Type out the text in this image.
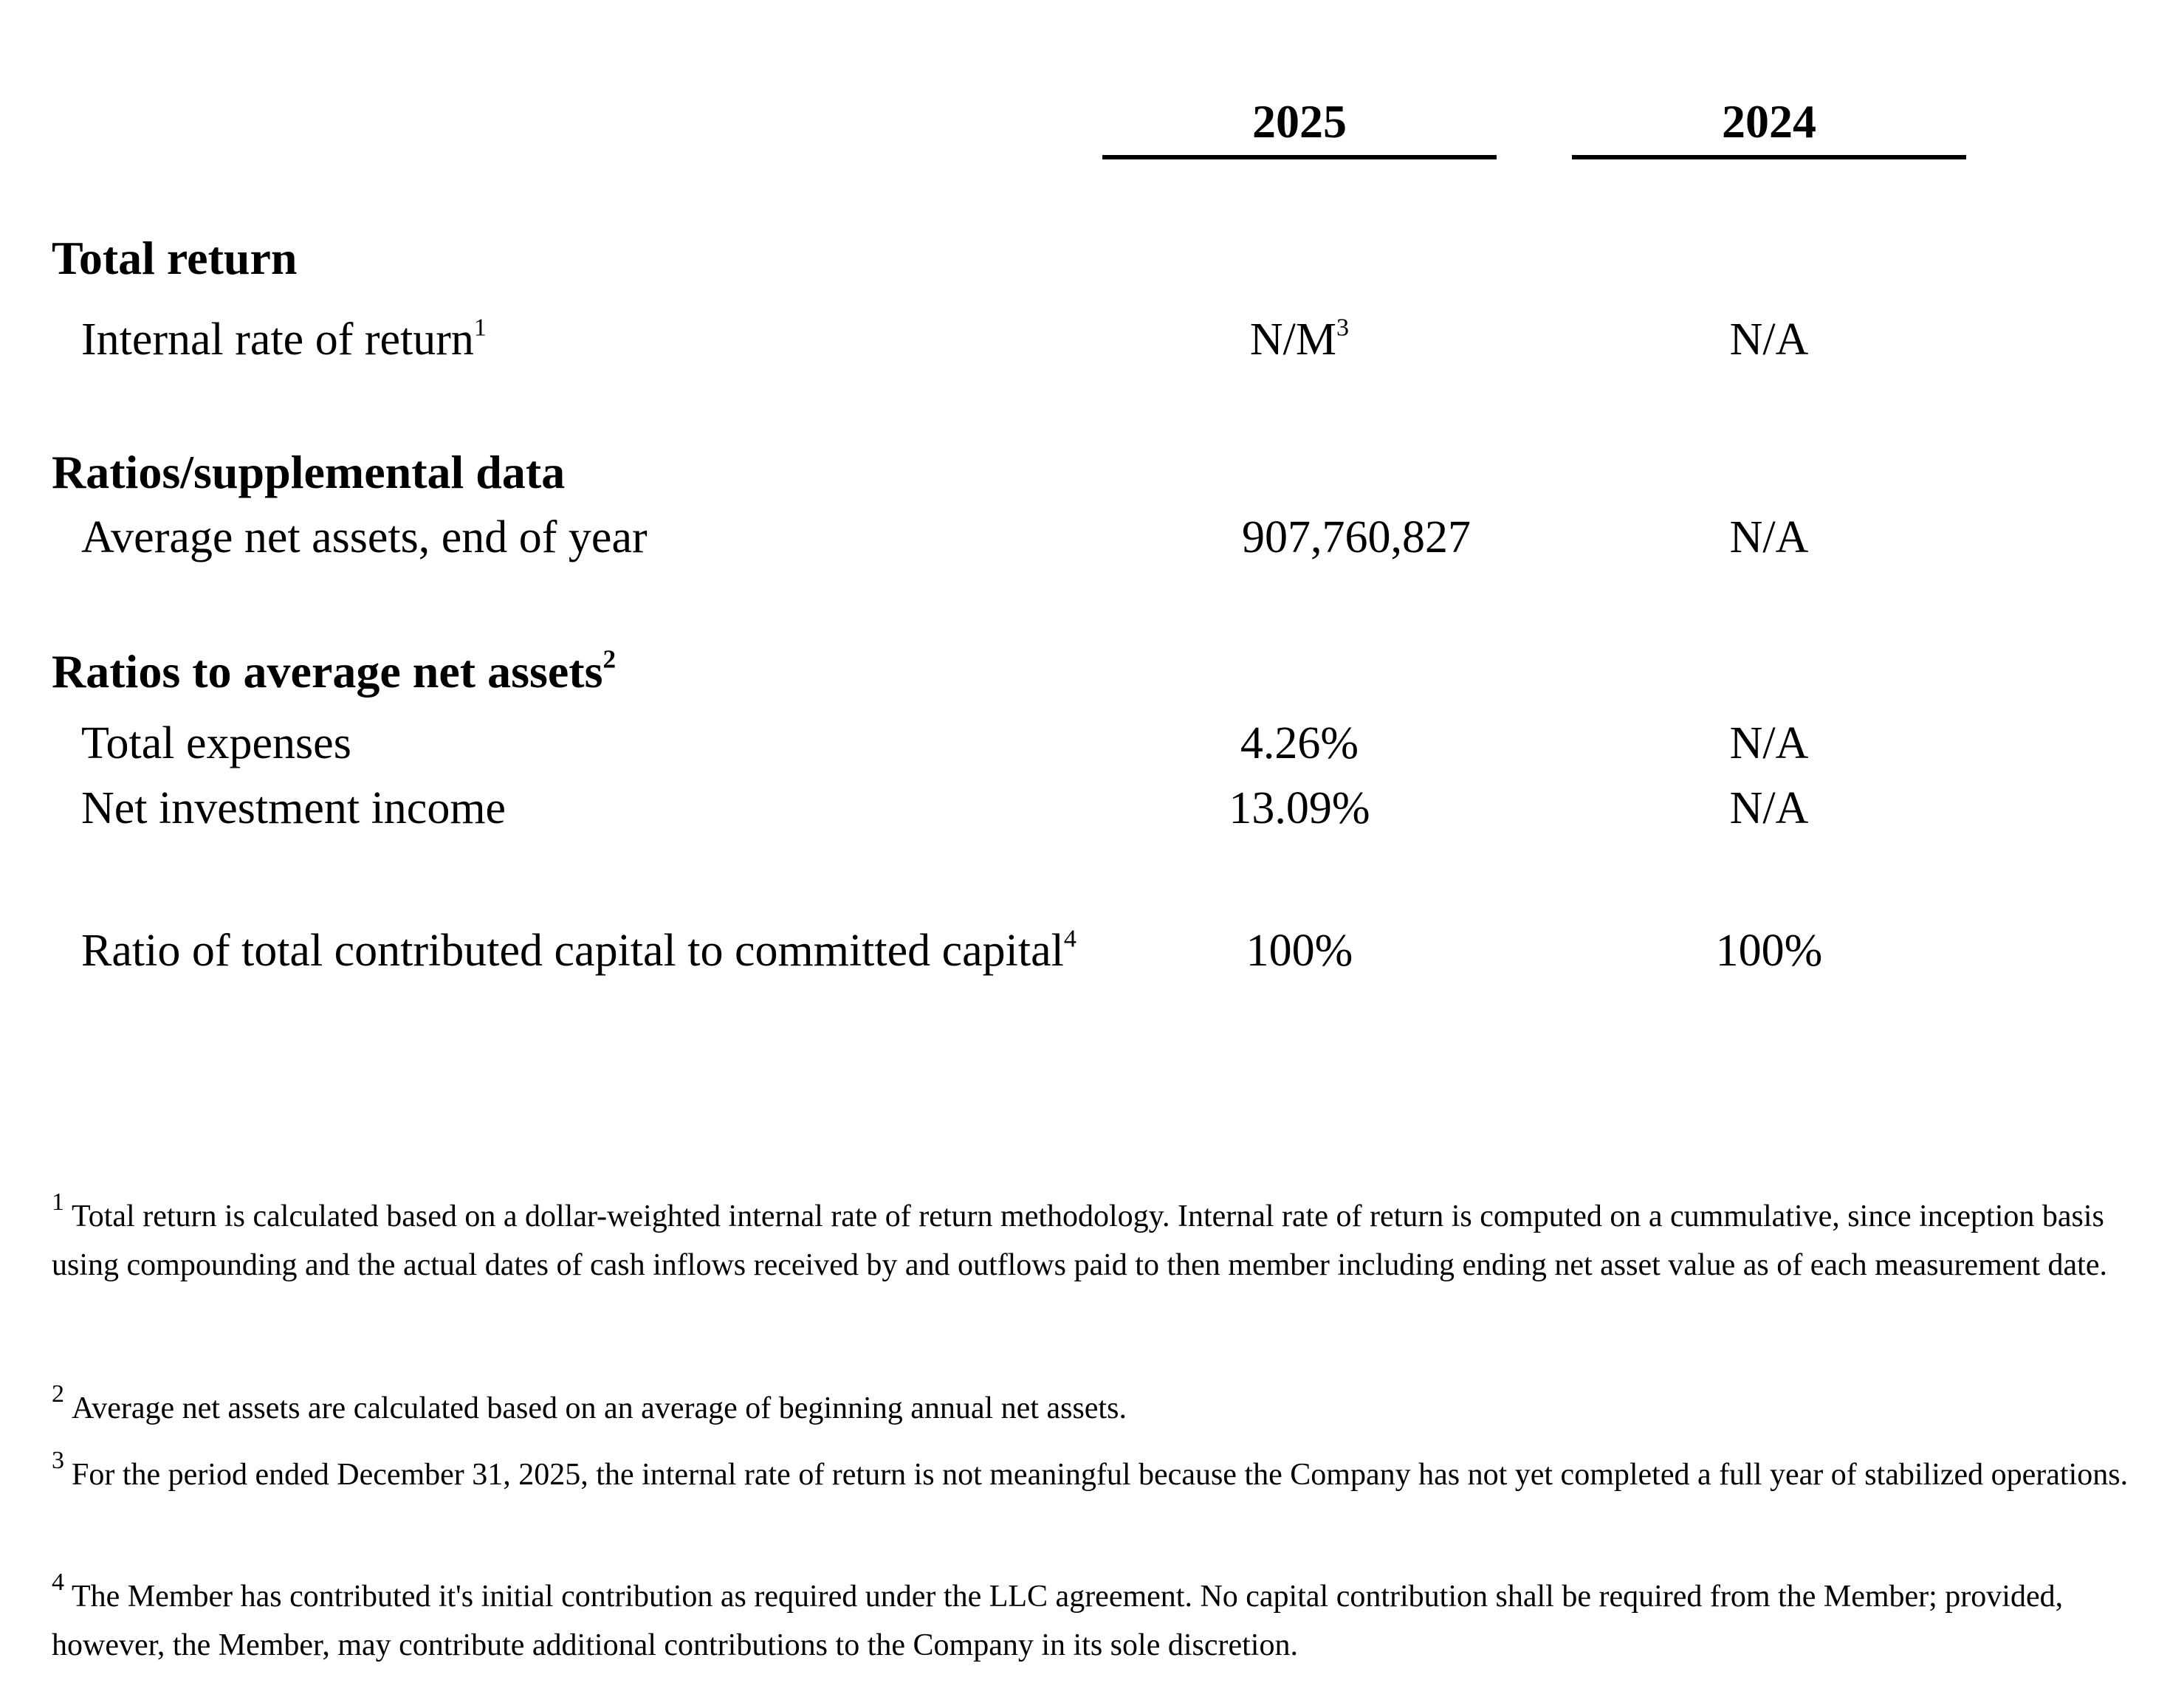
2025	2024
Total return
Internal rate of return$^1$	$N/M^3$	N/A
Ratios/supplemental data
Average net assets, end of year	907,760,827	N/A
Ratios to average net assets$^2$
Total expenses	4.26%	N/A
Net investment income	13.09%	N/A
Ratio of total contributed capital to committed capital$^4$	100%	100%
$^1$ Total return is calculated based on a dollar-weighted internal rate of return methodology. Internal rate of return is computed on a cummulative, since inception basis using compounding and the actual dates of cash inflows received by and outflows paid to then member including ending net asset value as of each measurement date.
$^2$ Average net assets are calculated based on an average of beginning annual net assets.
$^3$ For the period ended December 31, 2025, the internal rate of return is not meaningful because the Company has not yet completed a full year of stabilized operations.
$^4$ The Member has contributed it's initial contribution as required under the LLC agreement. No capital contribution shall be required from the Member; provided, however, the Member, may contribute additional contributions to the Company in its sole discretion.
